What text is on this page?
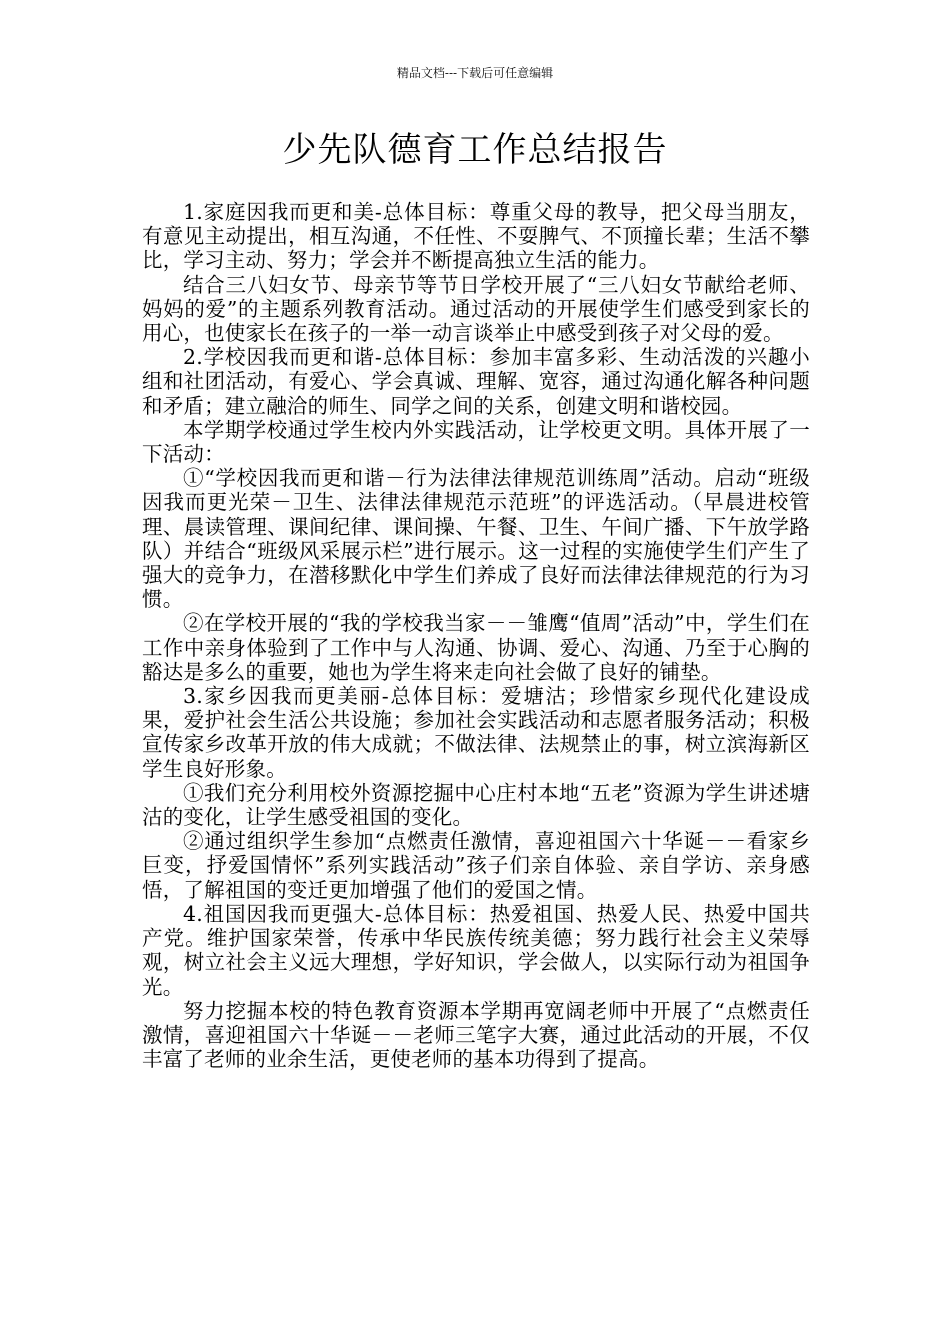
精品文档---下载后可任意编辑
少先队德育工作总结报告

1.家庭因我而更和美-总体目标：尊重父母的教导，把父母当朋友，有意见主动提出，相互沟通，不任性、不耍脾气、不顶撞长辈；生活不攀比，学习主动、努力；学会并不断提高独立生活的能力。

结合三八妇女节、母亲节等节日学校开展了“三八妇女节献给老师、妈妈的爱”的主题系列教育活动。通过活动的开展使学生们感受到家长的用心，也使家长在孩子的一举一动言谈举止中感受到孩子对父母的爱。

2.学校因我而更和谐-总体目标：参加丰富多彩、生动活泼的兴趣小组和社团活动，有爱心、学会真诚、理解、宽容，通过沟通化解各种问题和矛盾；建立融洽的师生、同学之间的关系，创建文明和谐校园。

本学期学校通过学生校内外实践活动，让学校更文明。具体开展了一下活动：

①“学校因我而更和谐－行为法律法律规范训练周”活动。启动“班级因我而更光荣－卫生、法律法律规范示范班”的评选活动。（早晨进校管理、晨读管理、课间纪律、课间操、午餐、卫生、午间广播、下午放学路队）并结合“班级风采展示栏”进行展示。这一过程的实施使学生们产生了强大的竞争力，在潜移默化中学生们养成了良好而法律法律规范的行为习惯。

②在学校开展的“我的学校我当家－－雏鹰“值周”活动”中，学生们在工作中亲身体验到了工作中与人沟通、协调、爱心、沟通、乃至于心胸的豁达是多么的重要，她也为学生将来走向社会做了良好的铺垫。

3.家乡因我而更美丽-总体目标：爱塘沽；珍惜家乡现代化建设成果，爱护社会生活公共设施；参加社会实践活动和志愿者服务活动；积极宣传家乡改革开放的伟大成就；不做法律、法规禁止的事，树立滨海新区学生良好形象。

①我们充分利用校外资源挖掘中心庄村本地“五老”资源为学生讲述塘沽的变化，让学生感受祖国的变化。

②通过组织学生参加“点燃责任激情，喜迎祖国六十华诞－－看家乡巨变，抒爱国情怀”系列实践活动”孩子们亲自体验、亲自学访、亲身感悟，了解祖国的变迁更加增强了他们的爱国之情。

4.祖国因我而更强大-总体目标：热爱祖国、热爱人民、热爱中国共产党。维护国家荣誉，传承中华民族传统美德；努力践行社会主义荣辱观，树立社会主义远大理想，学好知识，学会做人，以实际行动为祖国争光。

努力挖掘本校的特色教育资源本学期再宽阔老师中开展了“点燃责任激情，喜迎祖国六十华诞－－老师三笔字大赛，通过此活动的开展，不仅丰富了老师的业余生活，更使老师的基本功得到了提高。
